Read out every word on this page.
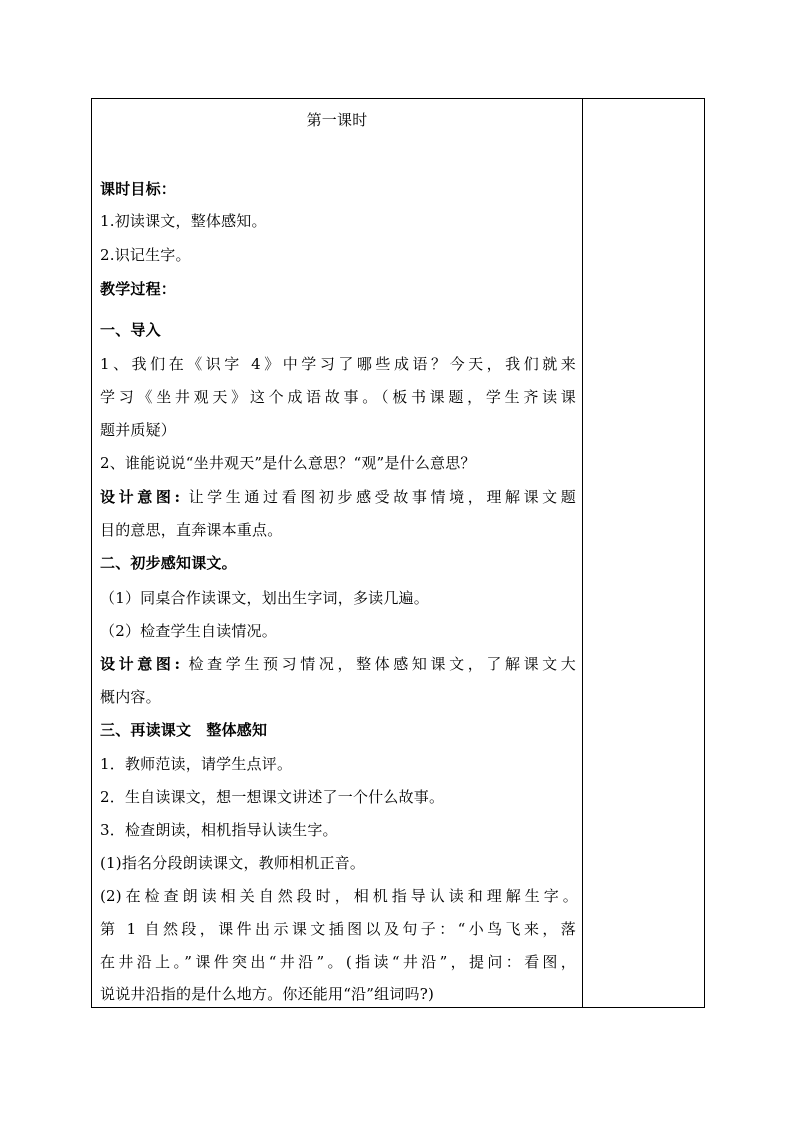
第一课时
课时目标：
1.初读课文，整体感知。
2.识记生字。
教学过程：
一、导入
1、我们在《识字 4》中学习了哪些成语？今天，我们就来
学习《坐井观天》这个成语故事。（板书课题，学生齐读课
题并质疑）
2、谁能说说“坐井观天”是什么意思？“观”是什么意思？
设计意图: 让学生通过看图初步感受故事情境，理解课文题
目的意思，直奔课本重点。
二、初步感知课文。
（1）同桌合作读课文，划出生字词，多读几遍。
（2）检查学生自读情况。
设计意图: 检查学生预习情况，整体感知课文，了解课文大
概内容。
三、再读课文　整体感知
1．教师范读，请学生点评。
2．生自读课文，想一想课文讲述了一个什么故事。
3．检查朗读，相机指导认读生字。
(1)指名分段朗读课文，教师相机正音。
(2)在检查朗读相关自然段时，相机指导认读和理解生字。
第 1 自然段，课件出示课文插图以及句子：“小鸟飞来，落
在井沿上。”课件突出“井沿”。(指读“井沿”，提问：看图，
说说井沿指的是什么地方。你还能用“沿”组词吗?)
